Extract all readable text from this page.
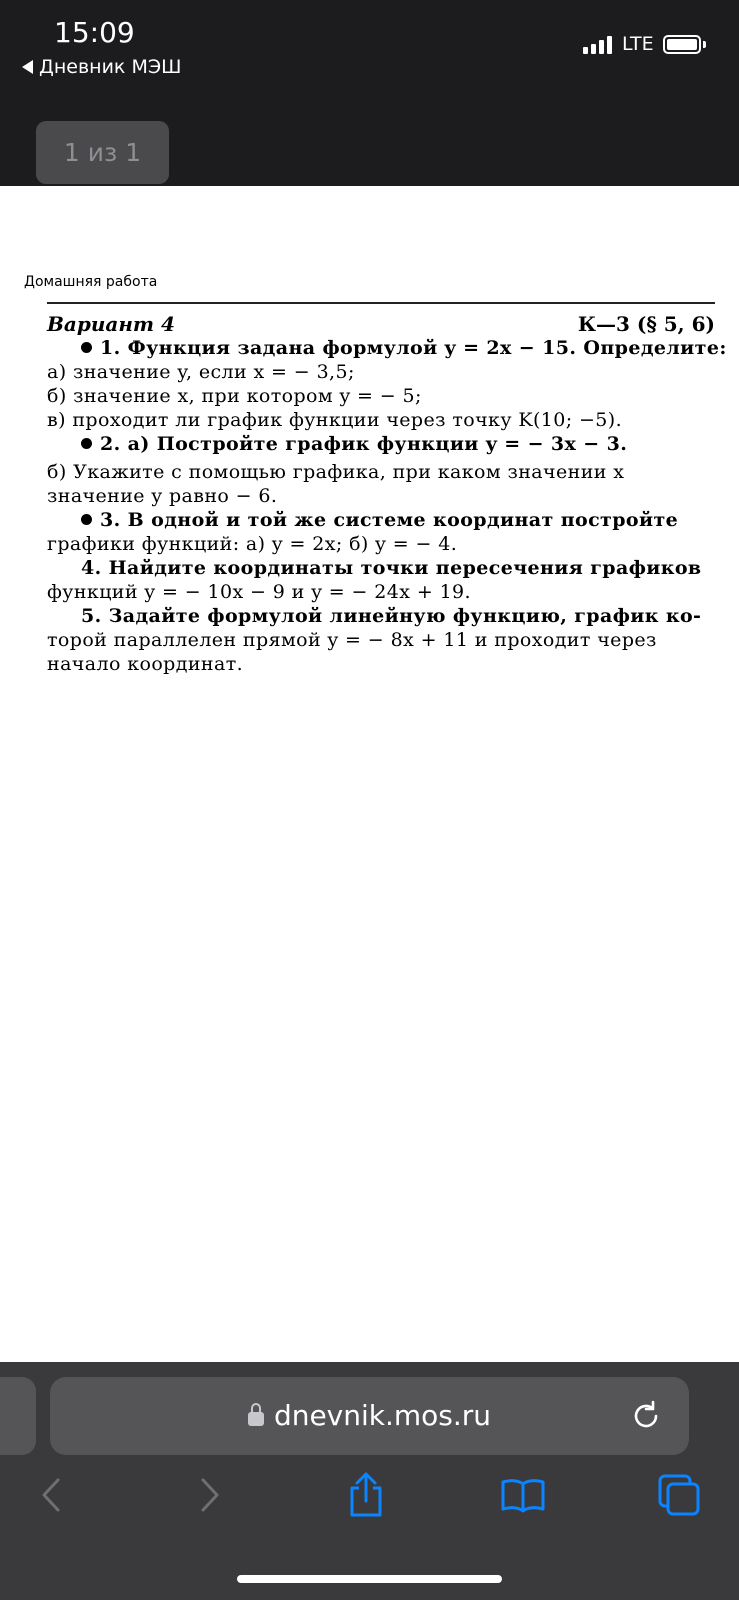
15:09
Дневник МЭШ
LTE
1 из 1
Домашняя работа
Вариант 4	К—3 (§ 5, 6)
1. Функция задана формулой y = 2x − 15. Определите:
а) значение y, если x = − 3,5;
б) значение x, при котором y = − 5;
в) проходит ли график функции через точку K(10; −5).
2. а) Постройте график функции y = − 3x − 3.
б) Укажите с помощью графика, при каком значении x
значение y равно − 6.
3. В одной и той же системе координат постройте
графики функций: а) y = 2x; б) y = − 4.
4. Найдите координаты точки пересечения графиков
функций y = − 10x − 9 и y = − 24x + 19.
5. Задайте формулой линейную функцию, график ко-
торой параллелен прямой y = − 8x + 11 и проходит через
начало координат.
dnevnik.mos.ru
